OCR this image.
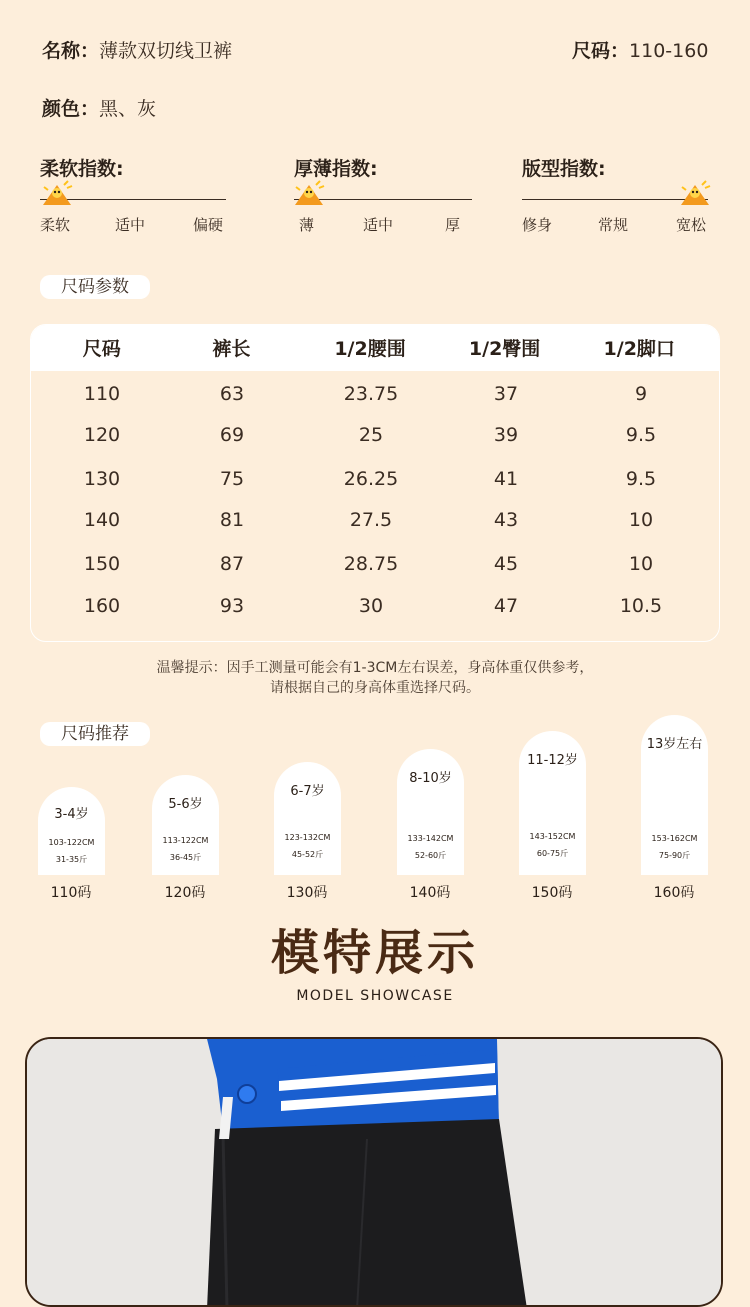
名称：薄款双切线卫裤	尺码：110-160
颜色：黑、灰
柔软指数:
柔软	适中	偏硬
厚薄指数:
薄	适中	厚
版型指数:
修身	常规	宽松
尺码参数
尺码	裤长	1/2腰围	1/2臀围	1/2脚口
110	63	23.75	37	9
120	69	25	39	9.5
130	75	26.25	41	9.5
140	81	27.5	43	10
150	87	28.75	45	10
160	93	30	47	10.5
温馨提示：因手工测量可能会有1-3CM左右误差，身高体重仅供参考，
请根据自己的身高体重选择尺码。
尺码推荐
3-4岁
103-122CM
31-35斤
5-6岁
113-122CM
36-45斤
6-7岁
123-132CM
45-52斤
8-10岁
133-142CM
52-60斤
11-12岁
143-152CM
60-75斤
13岁左右
153-162CM
75-90斤
110码	120码	130码	140码	150码	160码
模特展示
MODEL SHOWCASE
